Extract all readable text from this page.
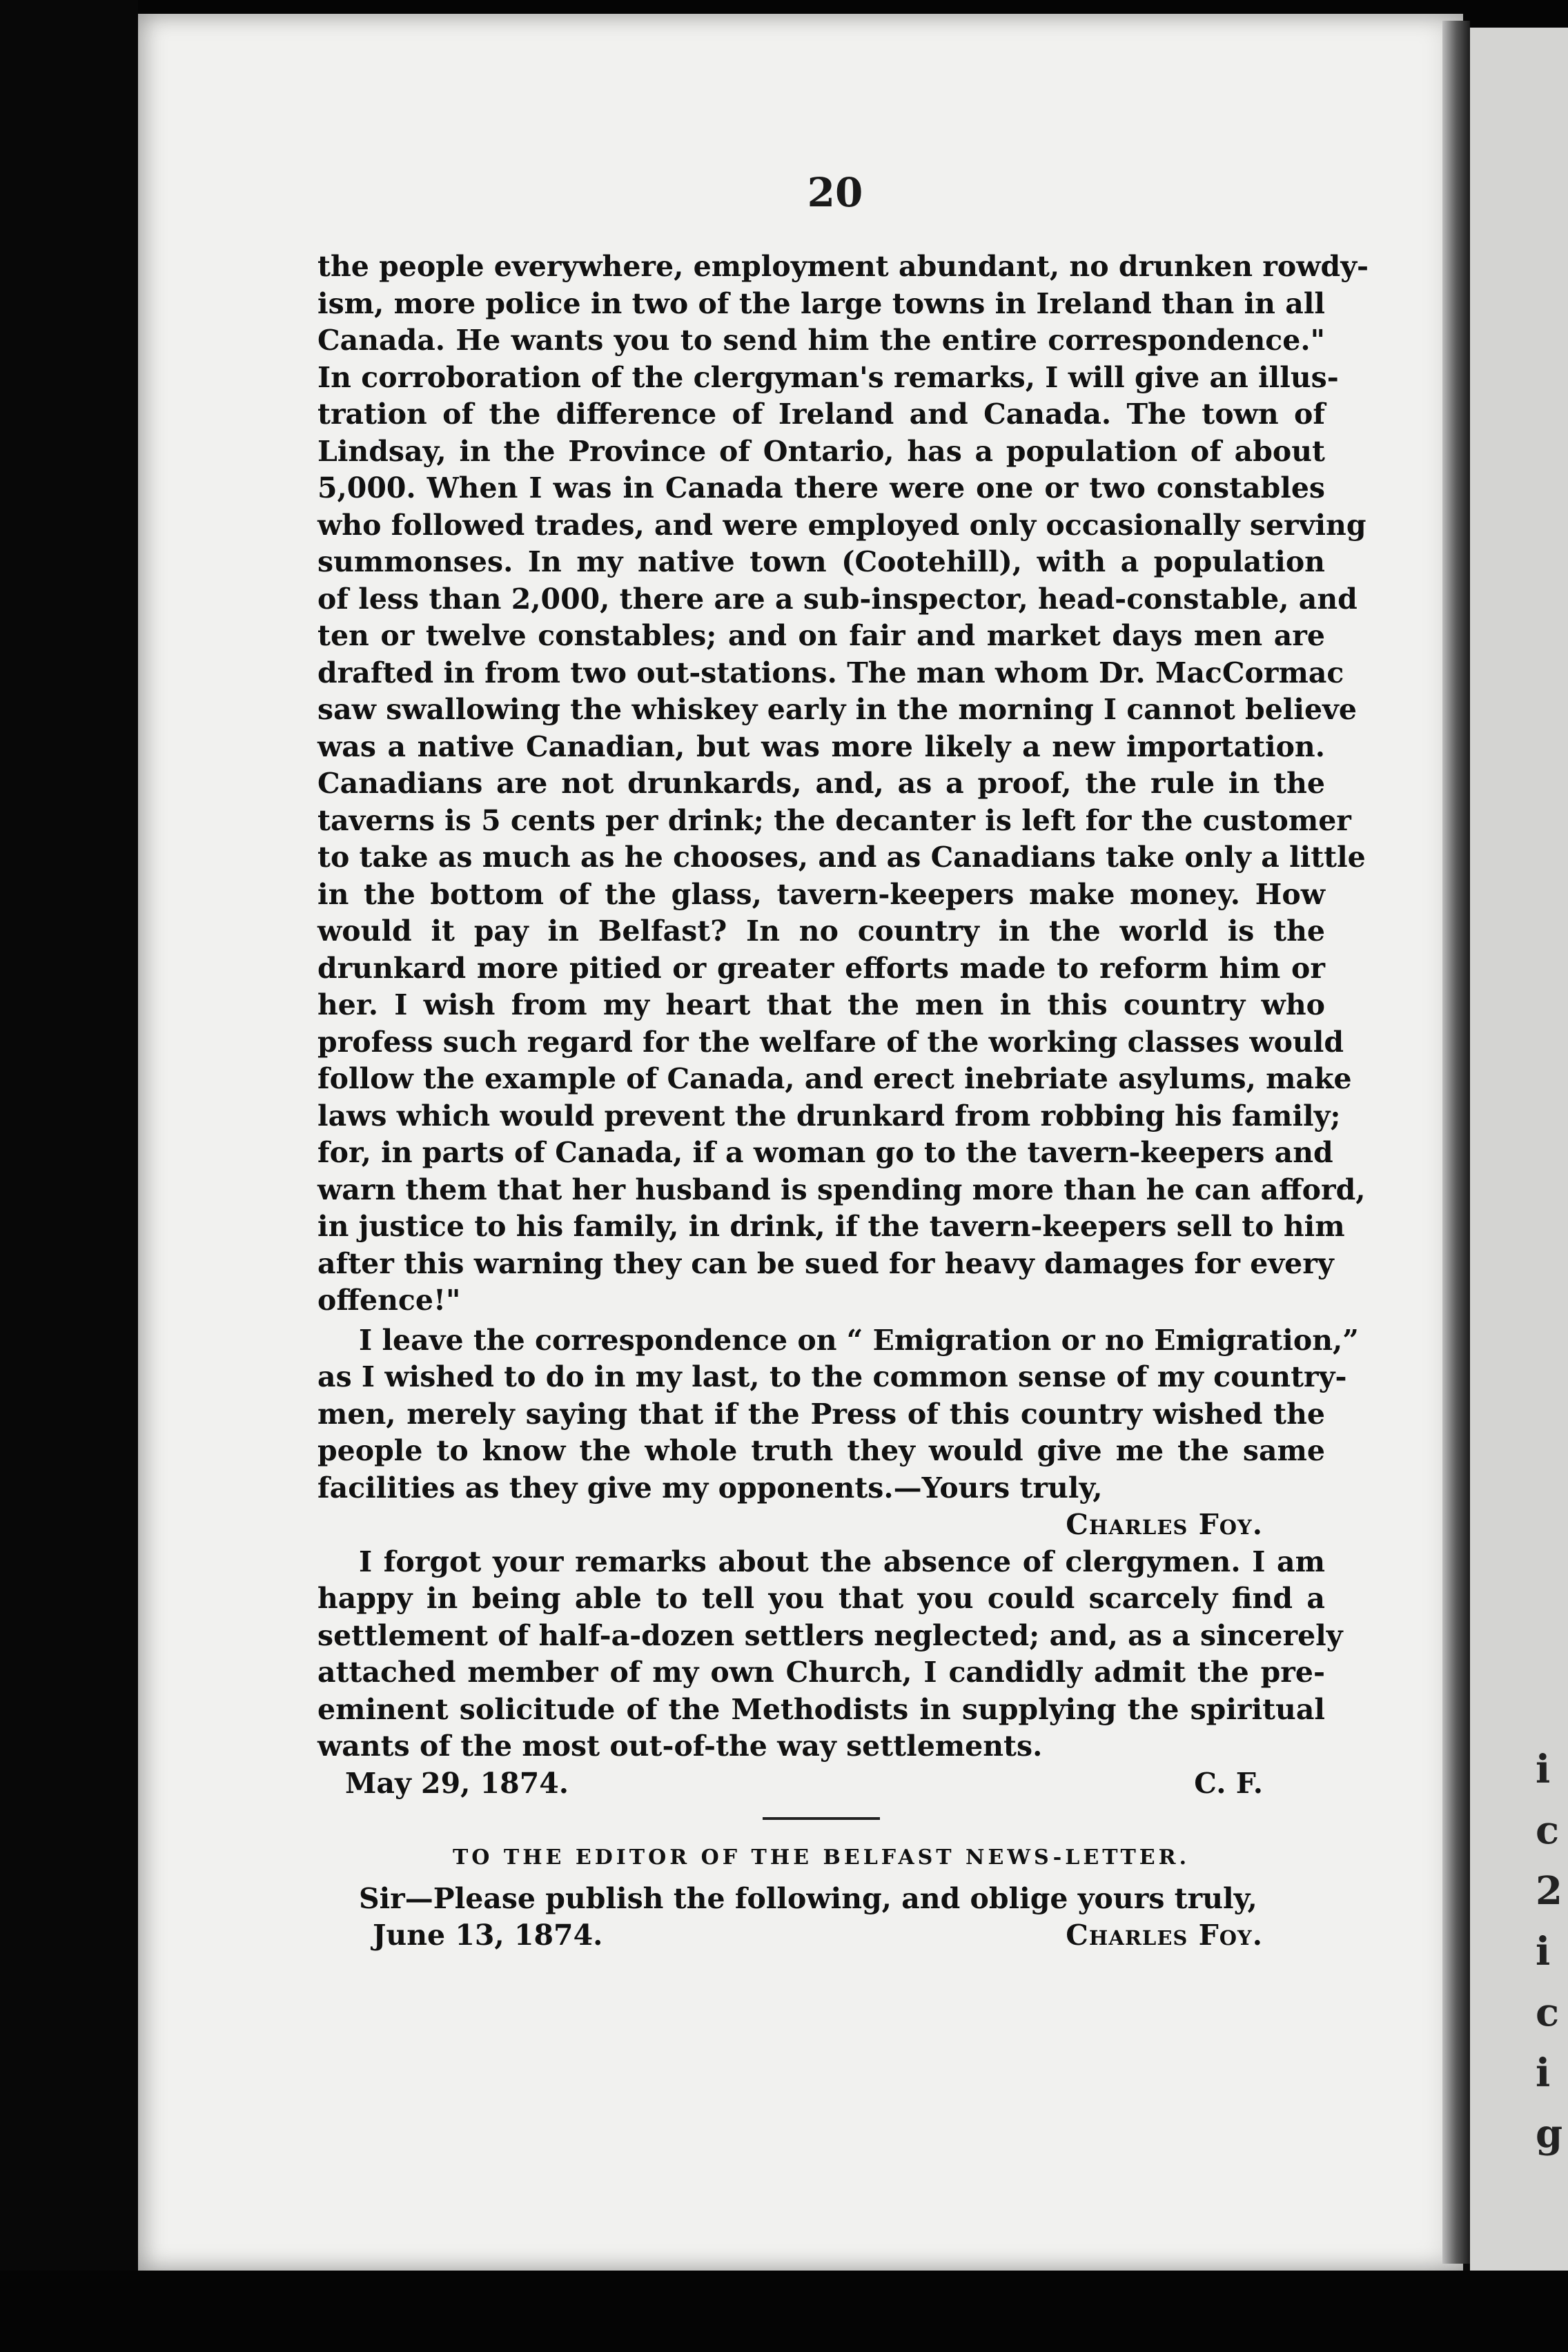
i
c
2
i
c
i
g
20
the people everywhere, employment abundant, no drunken rowdy-
ism, more police in two of the large towns in Ireland than in all
Canada. He wants you to send him the entire correspondence."
In corroboration of the clergyman's remarks, I will give an illus-
tration of the difference of Ireland and Canada. The town of
Lindsay, in the Province of Ontario, has a population of about
5,000. When I was in Canada there were one or two constables
who followed trades, and were employed only occasionally serving
summonses. In my native town (Cootehill), with a population
of less than 2,000, there are a sub-inspector, head-constable, and
ten or twelve constables; and on fair and market days men are
drafted in from two out-stations. The man whom Dr. MacCormac
saw swallowing the whiskey early in the morning I cannot believe
was a native Canadian, but was more likely a new importation.
Canadians are not drunkards, and, as a proof, the rule in the
taverns is 5 cents per drink; the decanter is left for the customer
to take as much as he chooses, and as Canadians take only a little
in the bottom of the glass, tavern-keepers make money. How
would it pay in Belfast? In no country in the world is the
drunkard more pitied or greater efforts made to reform him or
her. I wish from my heart that the men in this country who
profess such regard for the welfare of the working classes would
follow the example of Canada, and erect inebriate asylums, make
laws which would prevent the drunkard from robbing his family;
for, in parts of Canada, if a woman go to the tavern-keepers and
warn them that her husband is spending more than he can afford,
in justice to his family, in drink, if the tavern-keepers sell to him
after this warning they can be sued for heavy damages for every
offence!"
I leave the correspondence on “ Emigration or no Emigration,”
as I wished to do in my last, to the common sense of my country-
men, merely saying that if the Press of this country wished the
people to know the whole truth they would give me the same
facilities as they give my opponents.—Yours truly,
Charles Foy.
I forgot your remarks about the absence of clergymen. I am
happy in being able to tell you that you could scarcely find a
settlement of half-a-dozen settlers neglected; and, as a sincerely
attached member of my own Church, I candidly admit the pre-
eminent solicitude of the Methodists in supplying the spiritual
wants of the most out-of-the way settlements.
May 29, 1874.	C. F.
TO THE EDITOR OF THE BELFAST NEWS-LETTER.
Sir—Please publish the following, and oblige yours truly,
June 13, 1874.	Charles Foy.
